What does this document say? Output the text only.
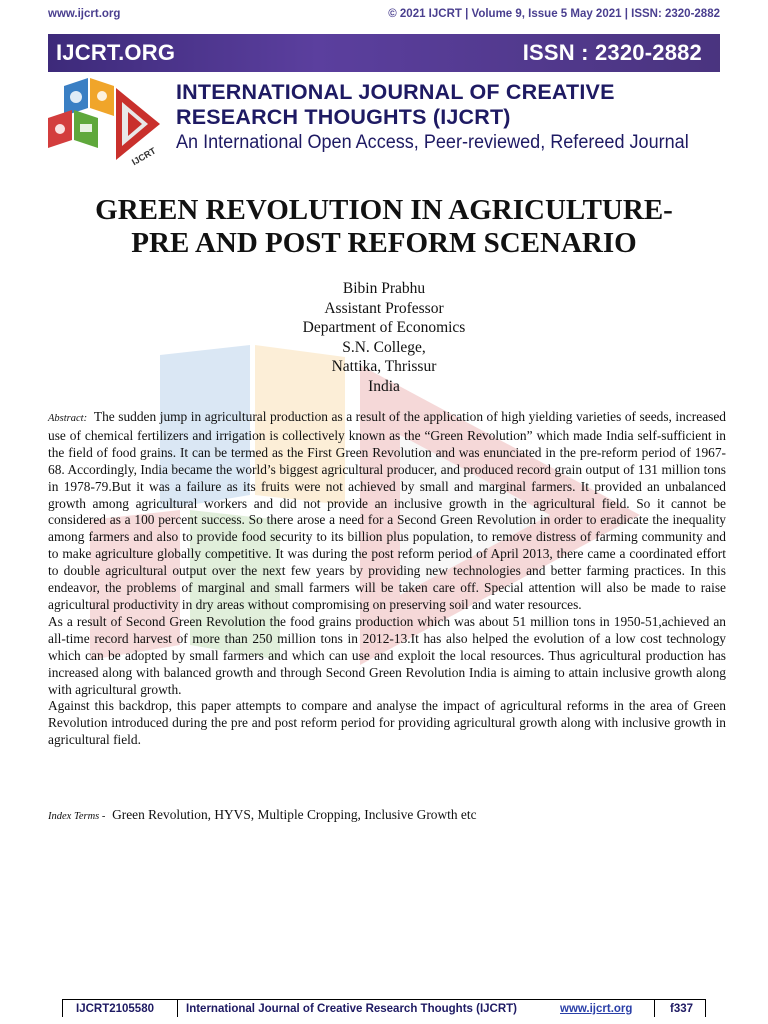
www.ijcrt.org	© 2021 IJCRT | Volume 9, Issue 5 May 2021 | ISSN: 2320-2882
IJCRT.ORG	ISSN : 2320-2882
IJCRT
INTERNATIONAL JOURNAL OF CREATIVE
RESEARCH THOUGHTS (IJCRT)
An International Open Access, Peer-reviewed, Refereed Journal
GREEN REVOLUTION IN AGRICULTURE-
PRE AND POST REFORM SCENARIO
Bibin Prabhu
Assistant Professor
Department of Economics
S.N. College,
Nattika, Thrissur
India

Abstract: The sudden jump in agricultural production as a result of the application of high yielding varieties of seeds, increased use of chemical fertilizers and irrigation is collectively known as the “Green Revolution” which made India self-sufficient in the field of food grains. It can be termed as the First Green Revolution and was enunciated in the pre-reform period of 1967- 68. Accordingly, India became the world’s biggest agricultural producer, and produced record grain output of 131 million tons in 1978-79.But it was a failure as its fruits were not achieved by small and marginal farmers. It provided an unbalanced growth among agricultural workers and did not provide an inclusive growth in the agricultural field. So it cannot be considered as a 100 percent success. So there arose a need for a Second Green Revolution in order to eradicate the inequality among farmers and also to provide food security to its billion plus population, to remove distress of farming community and to make agriculture globally competitive. It was during the post reform period of April 2013, there came a coordinated effort to double agricultural output over the next few years by providing new technologies and better farming practices. In this endeavor, the problems of marginal and small farmers will be taken care off. Special attention will also be made to raise agricultural productivity in dry areas without compromising on preserving soil and water resources.

As a result of Second Green Revolution the food grains production which was about 51 million tons in 1950-51,achieved an all-time record harvest of more than 250 million tons in 2012-13.It has also helped the evolution of a low cost technology which can be adopted by small farmers and which can use and exploit the local resources. Thus agricultural production has increased along with balanced growth and through Second Green Revolution India is aiming to attain inclusive growth along with agricultural growth.

Against this backdrop, this paper attempts to compare and analyse the impact of agricultural reforms in the area of Green Revolution introduced during the pre and post reform period for providing agricultural growth along with inclusive growth in agricultural field.

Index Terms - Green Revolution, HYVS, Multiple Cropping, Inclusive Growth etc
IJCRT2105580	International Journal of Creative Research Thoughts (IJCRT)	www.ijcrt.org	f337
